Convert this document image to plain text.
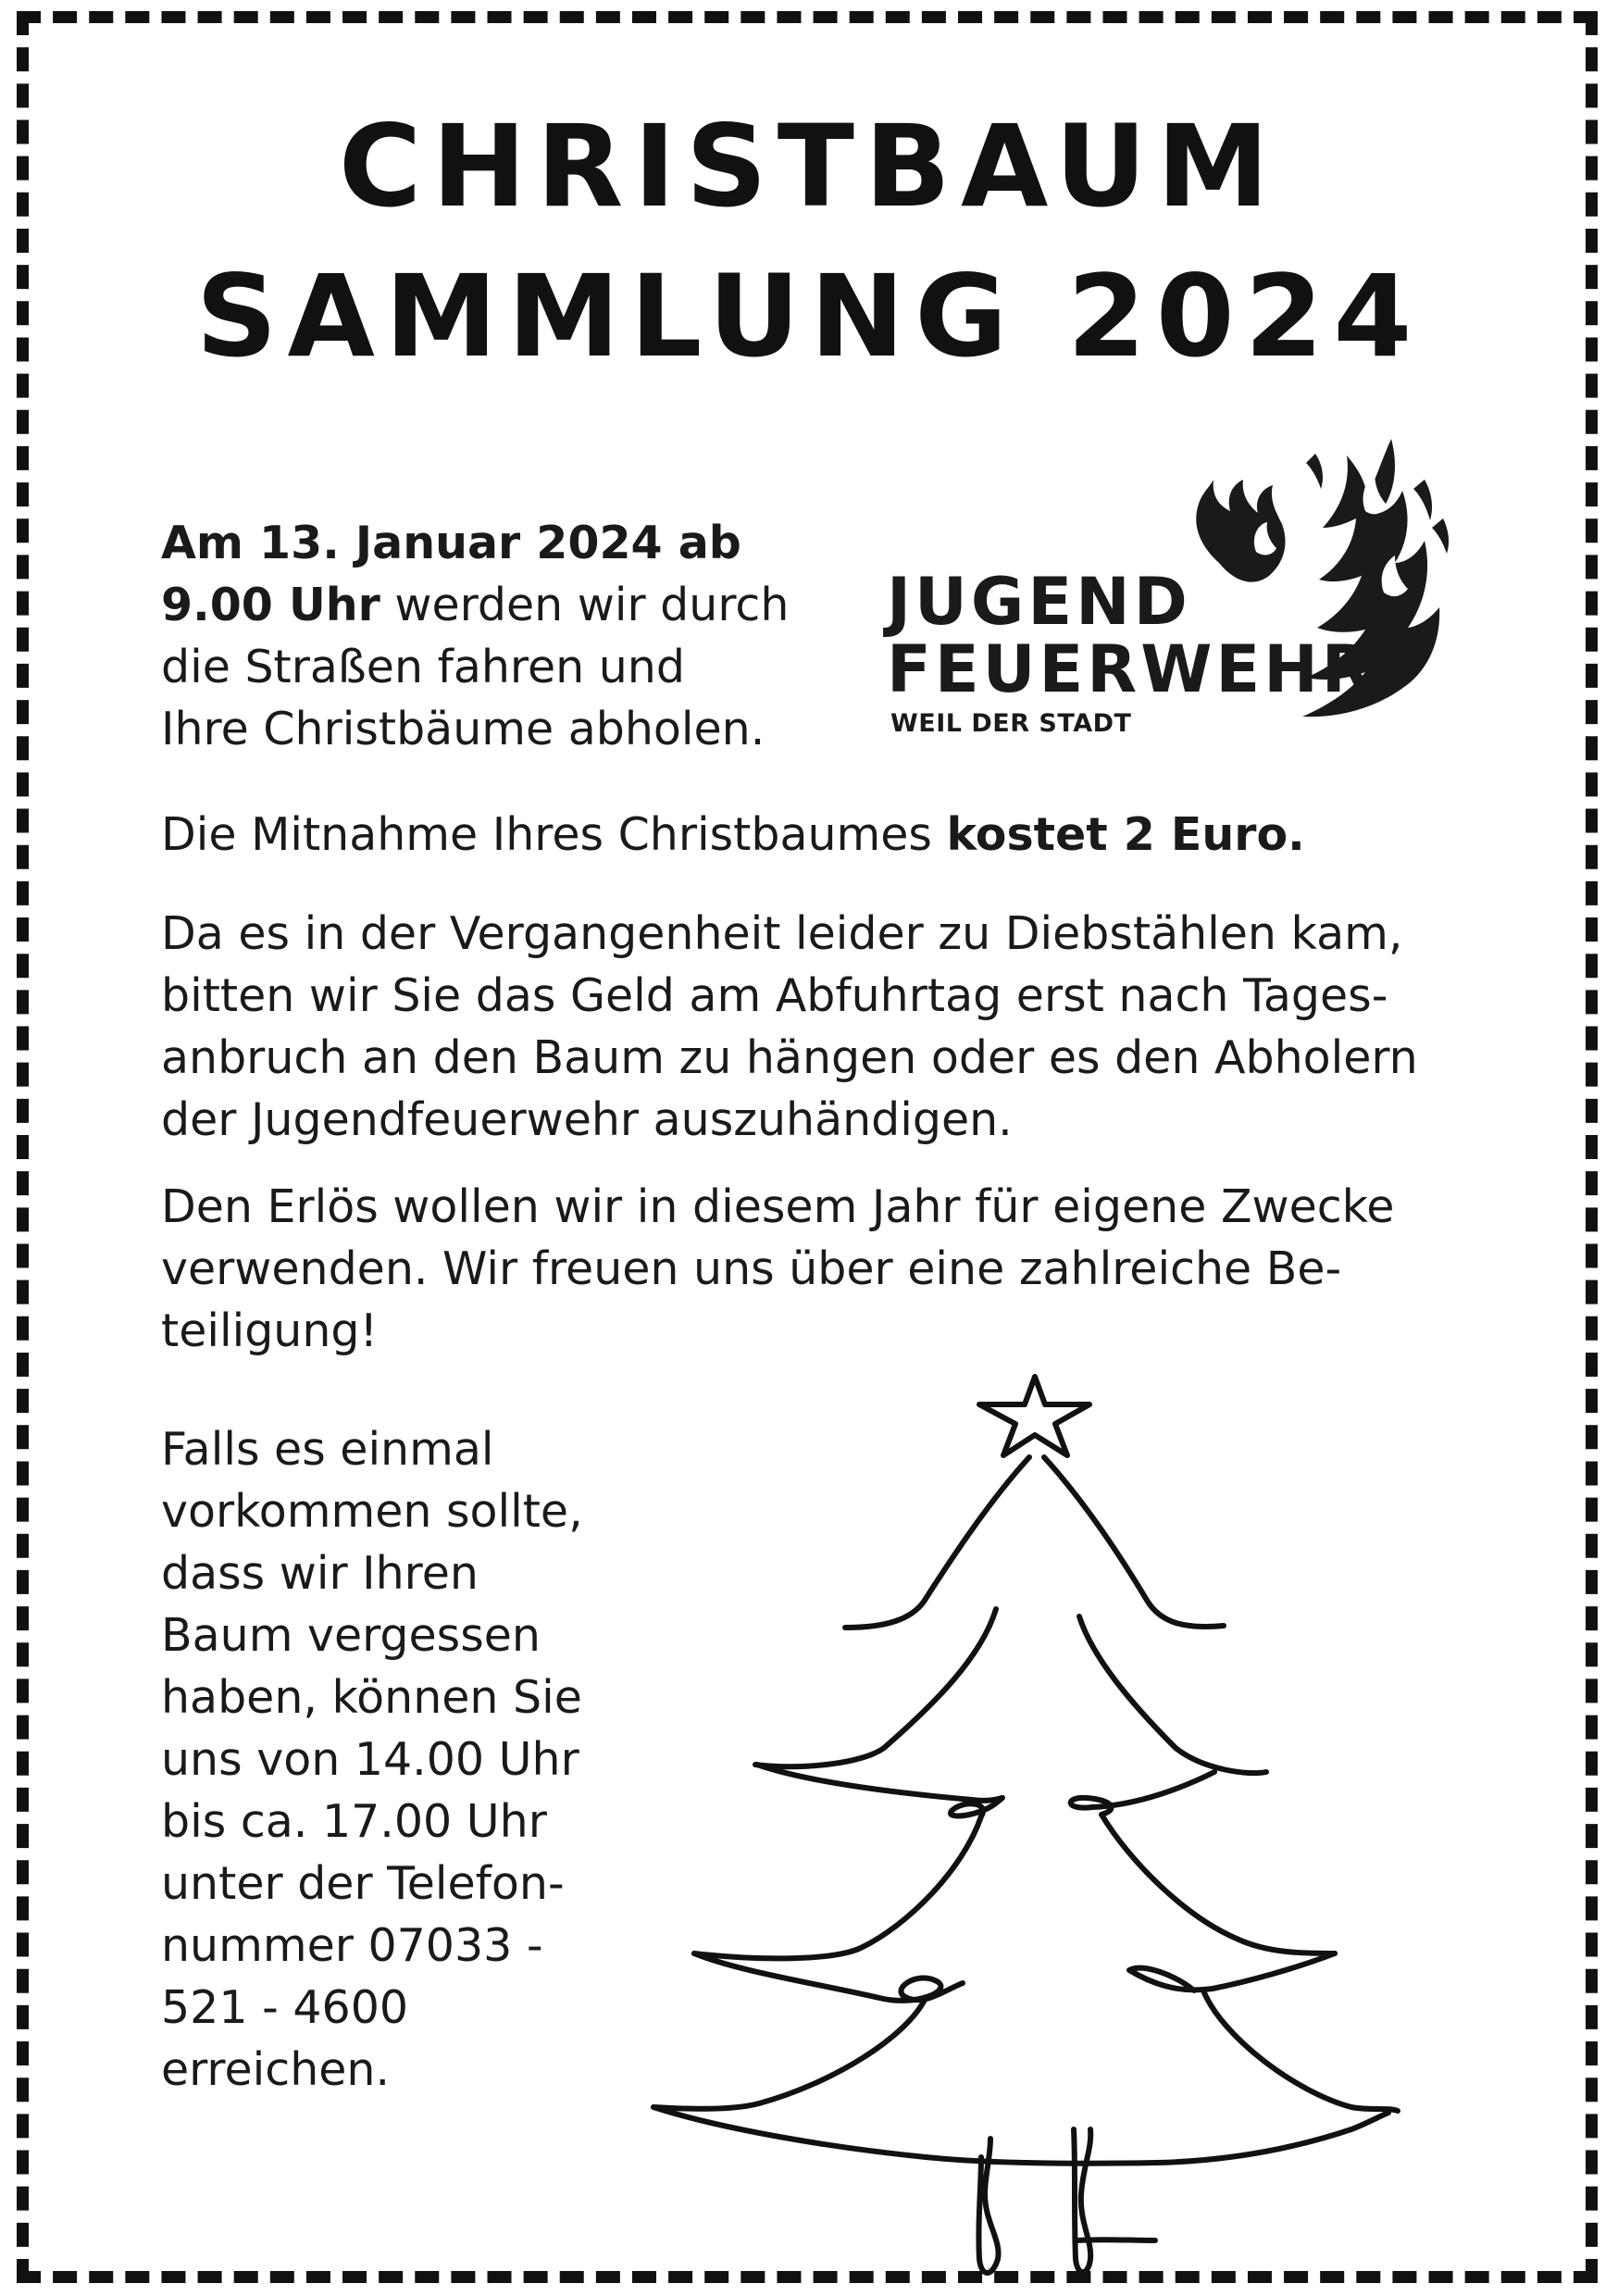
CHRISTBAUM
SAMMLUNG 2024
Am 13. Januar 2024 ab
9.00 Uhr werden wir durch
die Straßen fahren und
Ihre Christbäume abholen.
JUGEND
FEUERWEHR
WEIL DER STADT
Die Mitnahme Ihres Christbaumes kostet 2 Euro.
Da es in der Vergangenheit leider zu Diebstählen kam,
bitten wir Sie das Geld am Abfuhrtag erst nach Tages-
anbruch an den Baum zu hängen oder es den Abholern
der Jugendfeuerwehr auszuhändigen.
Den Erlös wollen wir in diesem Jahr für eigene Zwecke
verwenden. Wir freuen uns über eine zahlreiche Be-
teiligung!
Falls es einmal
vorkommen sollte,
dass wir Ihren
Baum vergessen
haben, können Sie
uns von 14.00 Uhr
bis ca. 17.00 Uhr
unter der Telefon-
nummer 07033 -
521 - 4600
erreichen.
